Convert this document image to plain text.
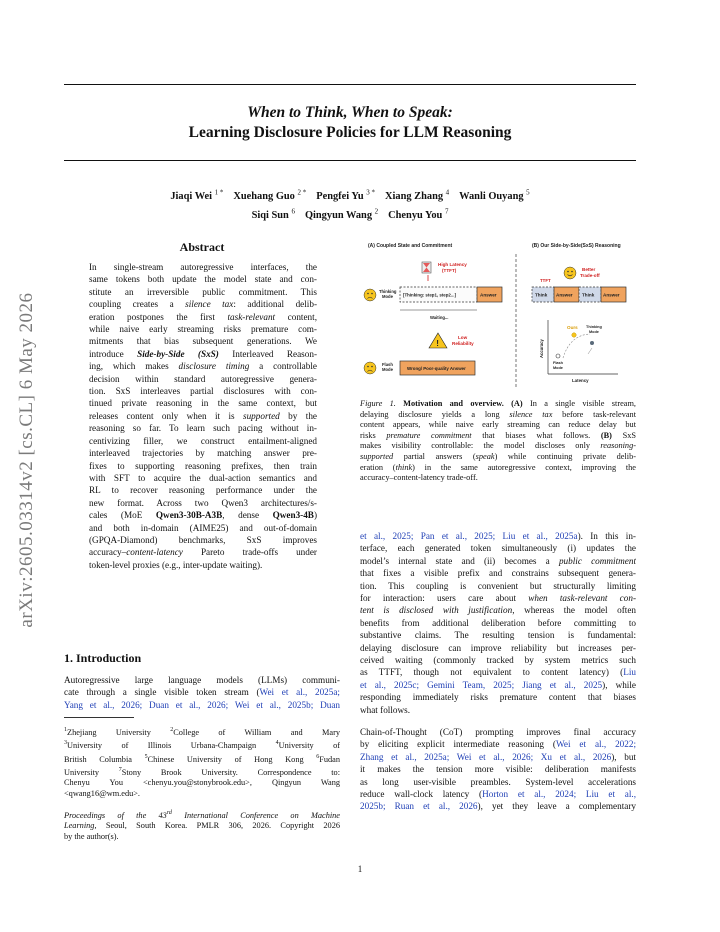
arXiv:2605.03314v2 [cs.CL] 6 May 2026
When to Think, When to Speak:
Learning Disclosure Policies for LLM Reasoning
Jiaqi Wei $^{1 *}$ Xuehang Guo $^{2 *}$ Pengfei Yu $^{3 *}$ Xiang Zhang $^4$ Wanli Ouyang $^5$
Siqi Sun $^6$ Qingyun Wang $^2$ Chenyu You $^7$
Abstract
In single-stream autoregressive interfaces, the
same tokens both update the model state and con-
stitute an irreversible public commitment. This
coupling creates a silence tax: additional delib-
eration postpones the first task-relevant content,
while naive early streaming risks premature com-
mitments that bias subsequent generations. We
introduce Side-by-Side (SxS) Interleaved Reason-
ing, which makes disclosure timing a controllable
decision within standard autoregressive genera-
tion. SxS interleaves partial disclosures with con-
tinued private reasoning in the same context, but
releases content only when it is supported by the
reasoning so far. To learn such pacing without in-
centivizing filler, we construct entailment-aligned
interleaved trajectories by matching answer pre-
fixes to supporting reasoning prefixes, then train
with SFT to acquire the dual-action semantics and
RL to recover reasoning performance under the
new format. Across two Qwen3 architectures/s-
cales (MoE Qwen3-30B-A3B, dense Qwen3-4B)
and both in-domain (AIME25) and out-of-domain
(GPQA-Diamond) benchmarks, SxS improves
accuracy–content-latency Pareto trade-offs under
token-level proxies (e.g., inter-update waiting).
1. Introduction
Autoregressive large language models (LLMs) communi-
cate through a single visible token stream (Wei et al., 2025a;
Yang et al., 2026; Duan et al., 2026; Wei et al., 2025b; Duan
$^1$Zhejiang University $^2$College of William and Mary
$^3$University of Illinois Urbana-Champaign $^4$University of
British Columbia $^5$Chinese University of Hong Kong $^6$Fudan
University $^7$Stony Brook University. Correspondence to:
Chenyu You <chenyu.you@stonybrook.edu>, Qingyun Wang
<qwang16@wm.edu>.
Proceedings of the 43rd International Conference on Machine
Learning, Seoul, South Korea. PMLR 306, 2026. Copyright 2026
by the author(s).
(A) Coupled State and Commitment	(B) Our Side-by-Side(SxS) Reasoning
High Latency
(TTFT)
Thinking
Mode [Thinking: step1, step2...]	Answer
Waiting...
!
Low
Reliability
Flash
Mode	Wrong/ Poor-quality Answer
Better
Trade-off
TTFT
Think Answer Think Answer
Accuracy
Latency
Ours Thinking
Mode
Flash
Mode
Figure 1. Motivation and overview. (A) In a single visible stream,
delaying disclosure yields a long silence tax before task-relevant
content appears, while naive early streaming can reduce delay but
risks premature commitment that biases what follows. (B) SxS
makes visibility controllable: the model discloses only reasoning-
supported partial answers (speak) while continuing private delib-
eration (think) in the same autoregressive context, improving the
accuracy–content-latency trade-off.
et al., 2025; Pan et al., 2025; Liu et al., 2025a). In this in-
terface, each generated token simultaneously (i) updates the
model’s internal state and (ii) becomes a public commitment
that fixes a visible prefix and constrains subsequent genera-
tion. This coupling is convenient but structurally limiting
for interaction: users care about when task-relevant con-
tent is disclosed with justification, whereas the model often
benefits from additional deliberation before committing to
substantive claims. The resulting tension is fundamental:
delaying disclosure can improve reliability but increases per-
ceived waiting (commonly tracked by system metrics such
as TTFT, though not equivalent to content latency) (Liu
et al., 2025c; Gemini Team, 2025; Jiang et al., 2025), while
responding immediately risks premature content that biases
what follows.
Chain-of-Thought (CoT) prompting improves final accuracy
by eliciting explicit intermediate reasoning (Wei et al., 2022;
Zhang et al., 2025a; Wei et al., 2026; Xu et al., 2026), but
it makes the tension more visible: deliberation manifests
as long user-visible preambles. System-level accelerations
reduce wall-clock latency (Horton et al., 2024; Liu et al.,
2025b; Ruan et al., 2026), yet they leave a complementary
1
